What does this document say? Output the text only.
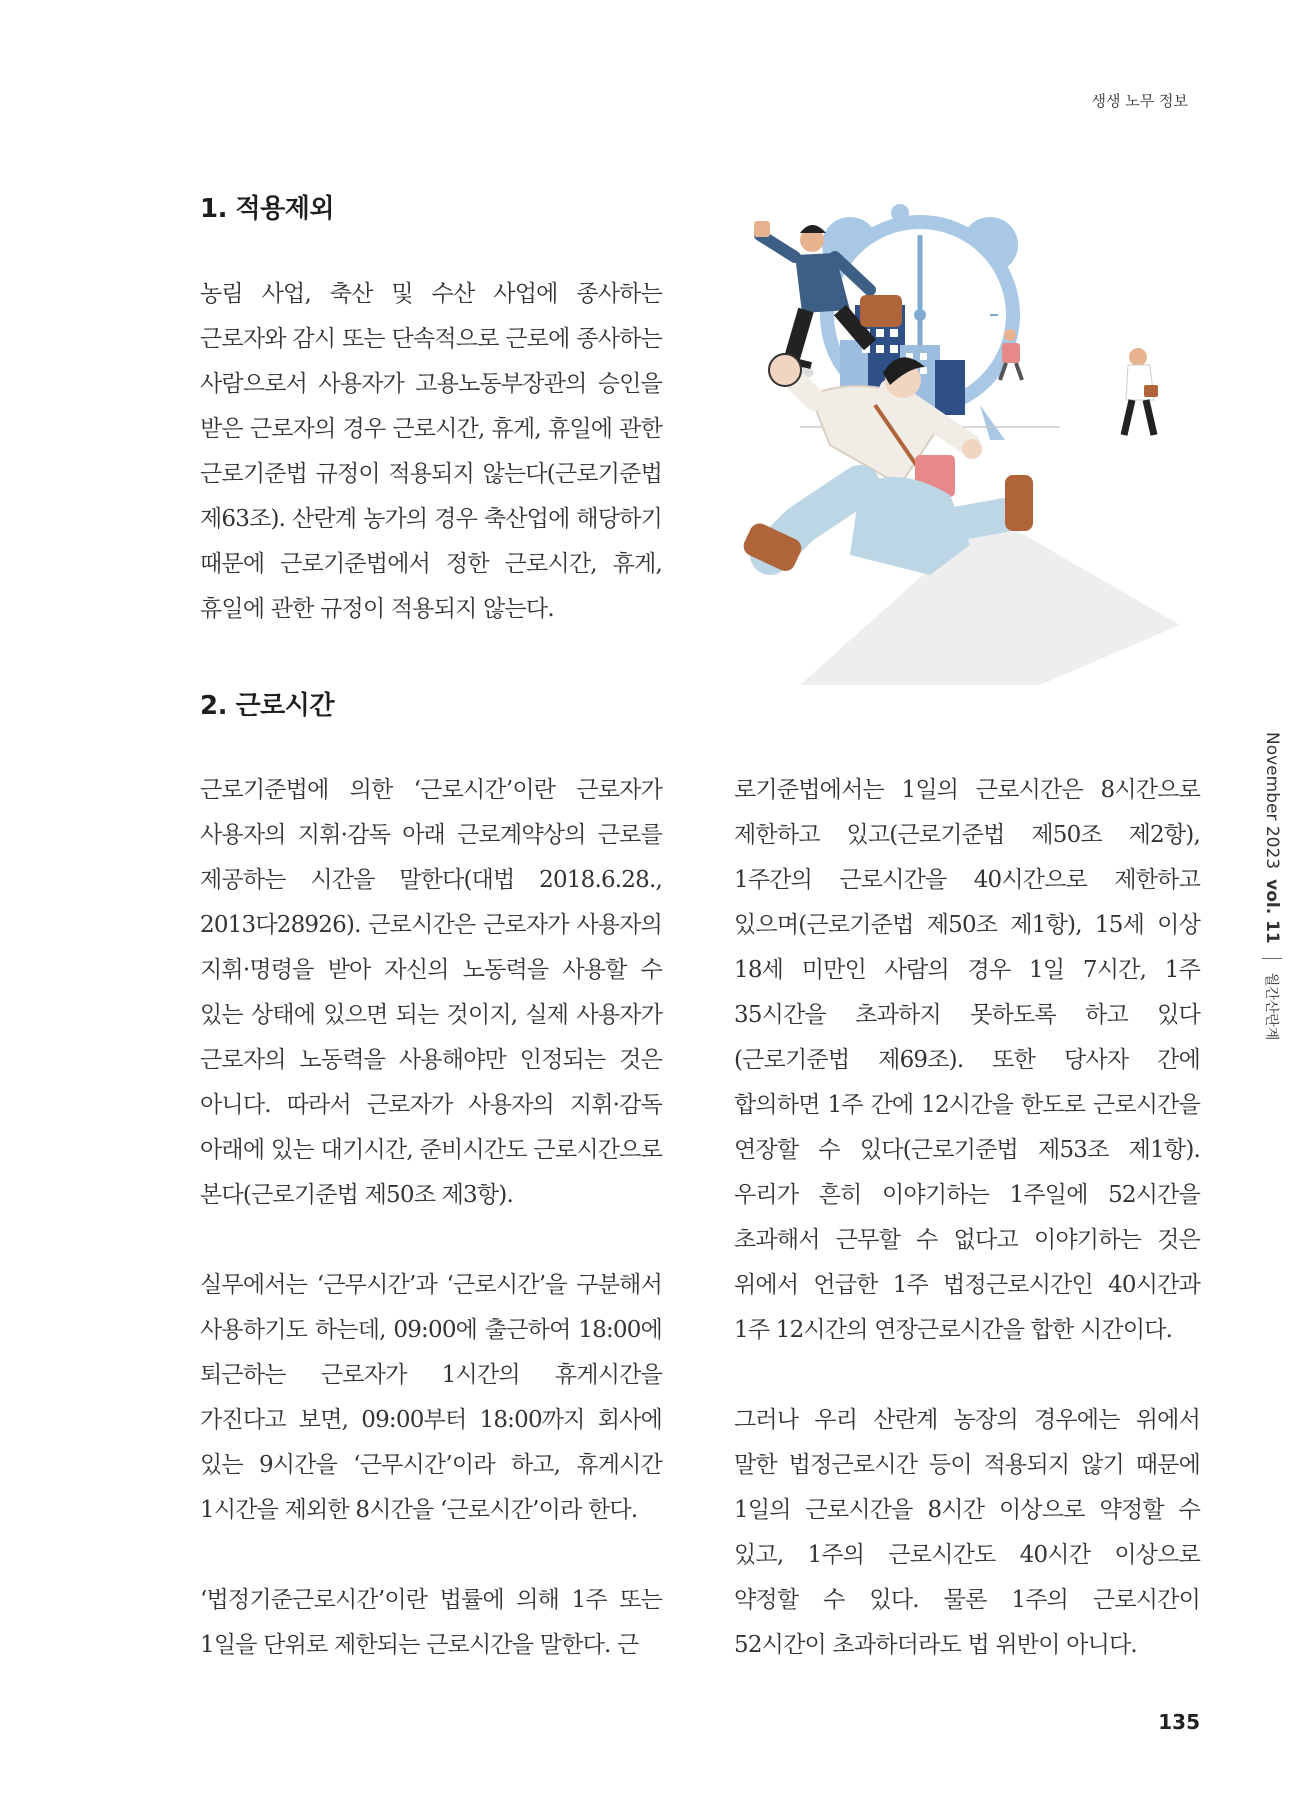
생생 노무 정보
1. 적용제외

농림 사업, 축산 및 수산 사업에 종사하는 근로자와 감시 또는 단속적으로 근로에 종사하는 사람으로서 사용자가 고용노동부장관의 승인을 받은 근로자의 경우 근로시간, 휴게, 휴일에 관한 근로기준법 규정이 적용되지 않는다(근로기준법 제63조). 산란계 농가의 경우 축산업에 해당하기 때문에 근로기준법에서 정한 근로시간, 휴게, 휴일에 관한 규정이 적용되지 않는다.

2. 근로시간

근로기준법에 의한 ‘근로시간’이란 근로자가 사용자의 지휘·감독 아래 근로계약상의 근로를 제공하는 시간을 말한다(대법 2018.6.28., 2013다28926). 근로시간은 근로자가 사용자의 지휘·명령을 받아 자신의 노동력을 사용할 수 있는 상태에 있으면 되는 것이지, 실제 사용자가 근로자의 노동력을 사용해야만 인정되는 것은 아니다. 따라서 근로자가 사용자의 지휘·감독 아래에 있는 대기시간, 준비시간도 근로시간으로 본다(근로기준법 제50조 제3항).

실무에서는 ‘근무시간’과 ‘근로시간’을 구분해서 사용하기도 하는데, 09:00에 출근하여 18:00에 퇴근하는 근로자가 1시간의 휴게시간을 가진다고 보면, 09:00부터 18:00까지 회사에 있는 9시간을 ‘근무시간’이라 하고, 휴게시간 1시간을 제외한 8시간을 ‘근로시간’이라 한다.

‘법정기준근로시간’이란 법률에 의해 1주 또는 1일을 단위로 제한되는 근로시간을 말한다. 근

로기준법에서는 1일의 근로시간은 8시간으로 제한하고 있고(근로기준법 제50조 제2항), 1주간의 근로시간을 40시간으로 제한하고 있으며(근로기준법 제50조 제1항), 15세 이상 18세 미만인 사람의 경우 1일 7시간, 1주 35시간을 초과하지 못하도록 하고 있다(근로기준법 제69조). 또한 당사자 간에 합의하면 1주 간에 12시간을 한도로 근로시간을 연장할 수 있다(근로기준법 제53조 제1항). 우리가 흔히 이야기하는 1주일에 52시간을 초과해서 근무할 수 없다고 이야기하는 것은 위에서 언급한 1주 법정근로시간인 40시간과 1주 12시간의 연장근로시간을 합한 시간이다.

그러나 우리 산란계 농장의 경우에는 위에서 말한 법정근로시간 등이 적용되지 않기 때문에 1일의 근로시간을 8시간 이상으로 약정할 수 있고, 1주의 근로시간도 40시간 이상으로 약정할 수 있다. 물론 1주의 근로시간이 52시간이 초과하더라도 법 위반이 아니다.

November 2023vol. 11월간산란계
135
